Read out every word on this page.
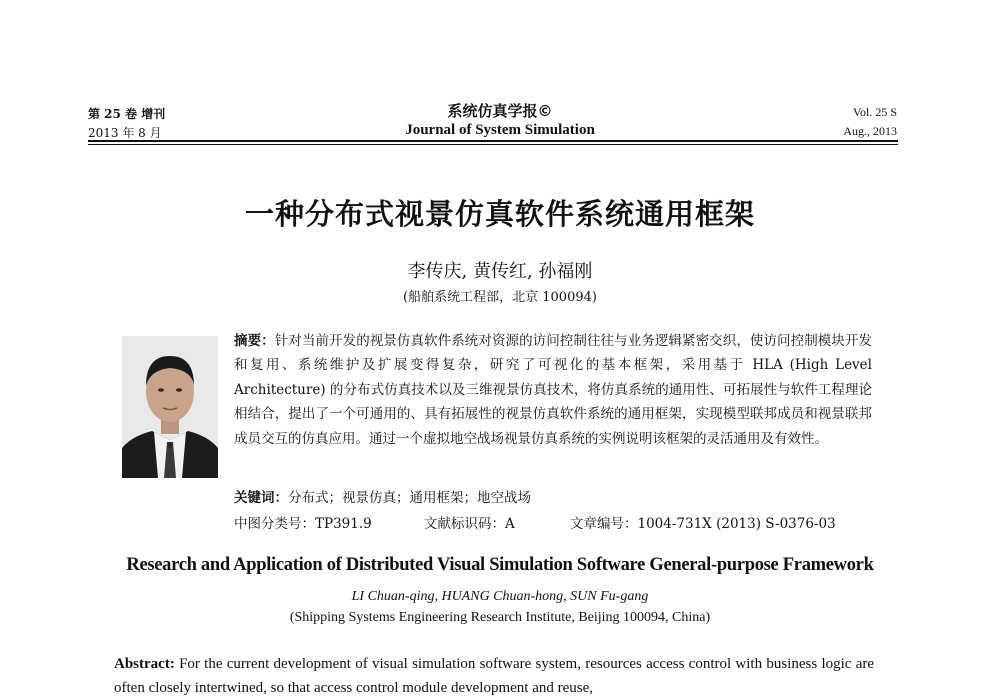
第 25 卷 增刊
2013 年 8 月
系统仿真学报©
Journal of System Simulation
Vol. 25 S
Aug., 2013
一种分布式视景仿真软件系统通用框架
李传庆, 黄传红, 孙福刚
(船舶系统工程部，北京 100094)
摘要：针对当前开发的视景仿真软件系统对资源的访问控制往往与业务逻辑紧密交织，使访问控制模块开发和复用、系统维护及扩展变得复杂，研究了可视化的基本框架，采用基于 HLA (High Level Architecture) 的分布式仿真技术以及三维视景仿真技术，将仿真系统的通用性、可拓展性与软件工程理论相结合，提出了一个可通用的、具有拓展性的视景仿真软件系统的通用框架，实现模型联邦成员和视景联邦成员交互的仿真应用。通过一个虚拟地空战场视景仿真系统的实例说明该框架的灵活通用及有效性。
关键词：分布式；视景仿真；通用框架；地空战场
中图分类号：TP391.9	文献标识码：A	文章编号：1004-731X (2013) S-0376-03
Research and Application of Distributed Visual Simulation Software General-purpose Framework
LI Chuan-qing, HUANG Chuan-hong, SUN Fu-gang
(Shipping Systems Engineering Research Institute, Beijing 100094, China)
Abstract: For the current development of visual simulation software system, resources access control with business logic are often closely intertwined, so that access control module development and reuse,
